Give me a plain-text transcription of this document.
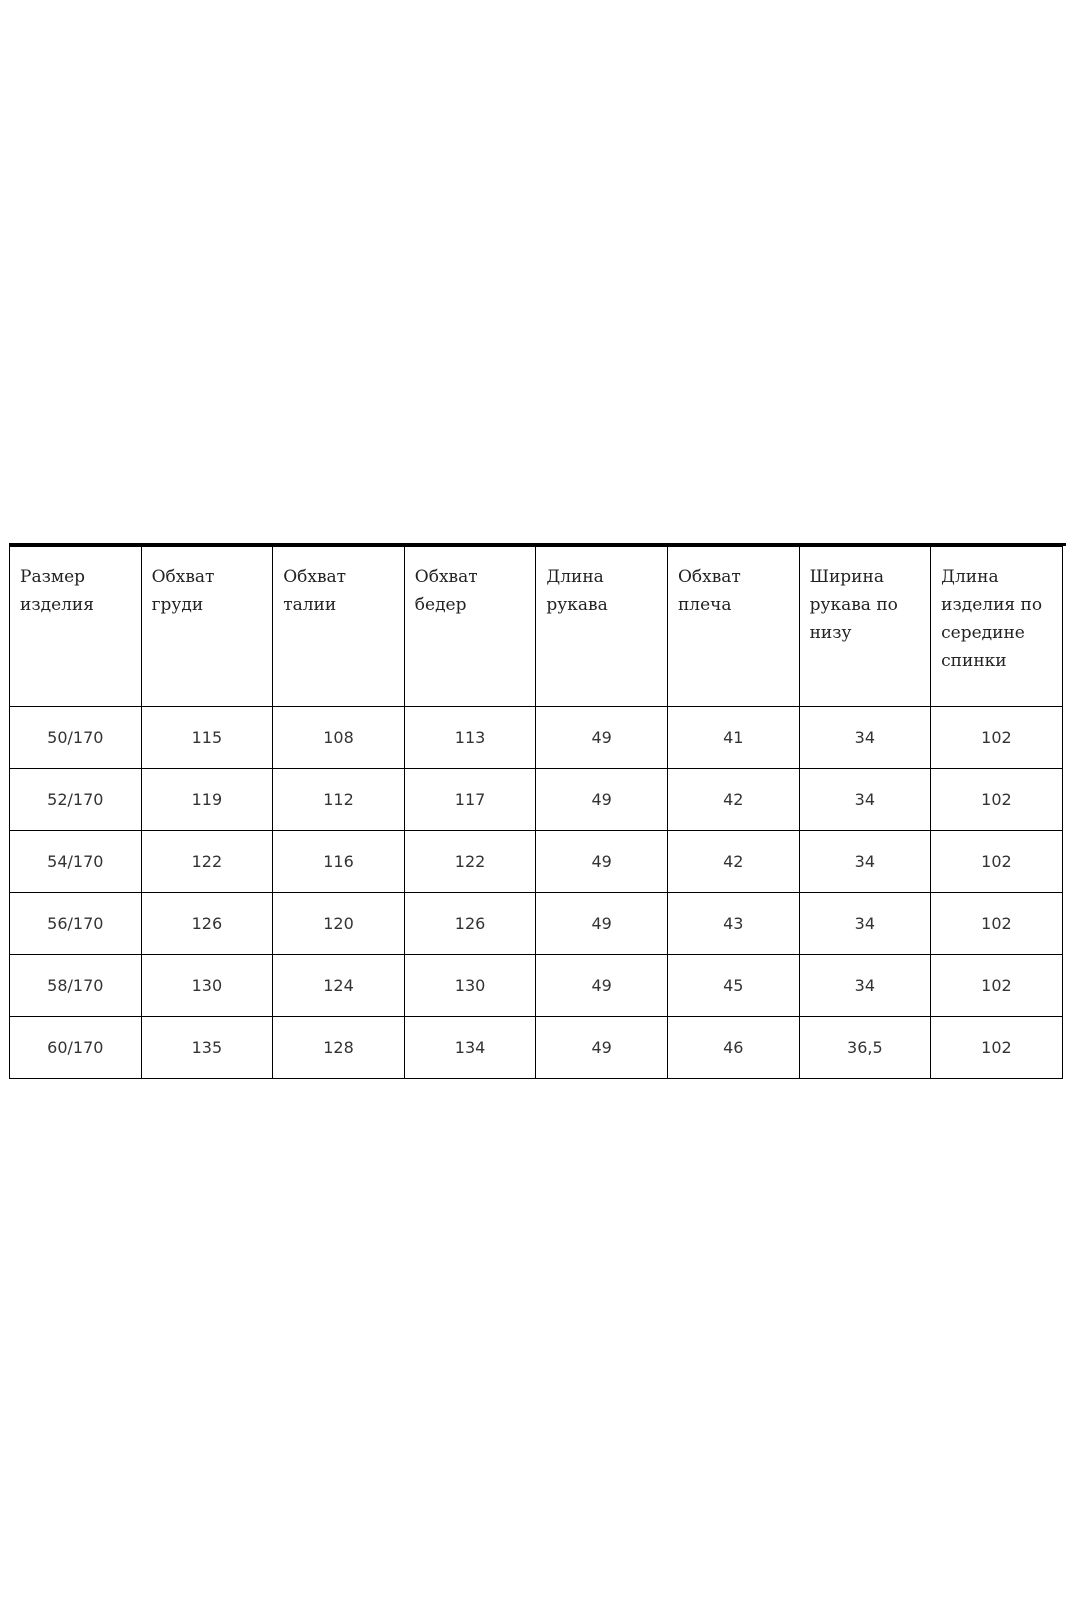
Размер изделия	Обхват груди	Обхват талии	Обхват бедер	Длина рукава	Обхват плеча	Ширина рукава по низу	Длина изделия по середине спинки
50/170	115	108	113	49	41	34	102
52/170	119	112	117	49	42	34	102
54/170	122	116	122	49	42	34	102
56/170	126	120	126	49	43	34	102
58/170	130	124	130	49	45	34	102
60/170	135	128	134	49	46	36,5	102
